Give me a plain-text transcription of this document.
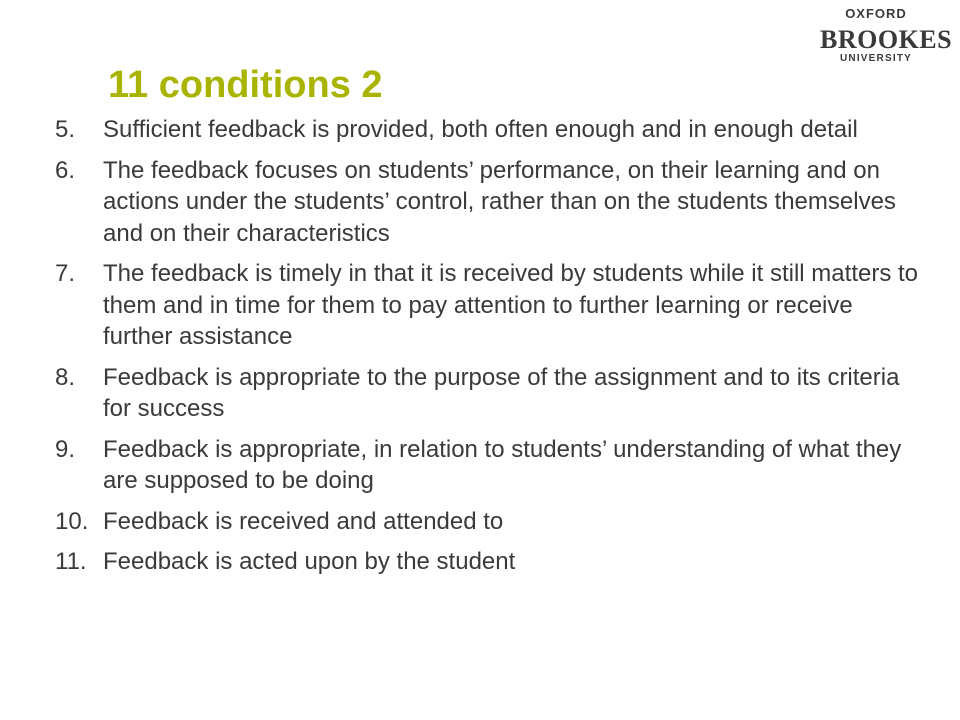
OXFORD
BROOKES
UNIVERSITY
11 conditions 2
5.	Sufficient feedback is provided, both often enough and in enough detail
6.	The feedback focuses on students’ performance, on their learning and on actions under the students’ control, rather than on the students themselves and on their characteristics
7.	The feedback is timely in that it is received by students while it still matters to them and in time for them to pay attention to further learning or receive further assistance
8.	Feedback is appropriate to the purpose of the assignment and to its criteria for success
9.	Feedback is appropriate, in relation to students’ understanding of what they are supposed to be doing
10. Feedback is received and attended to
11. Feedback is acted upon by the student
